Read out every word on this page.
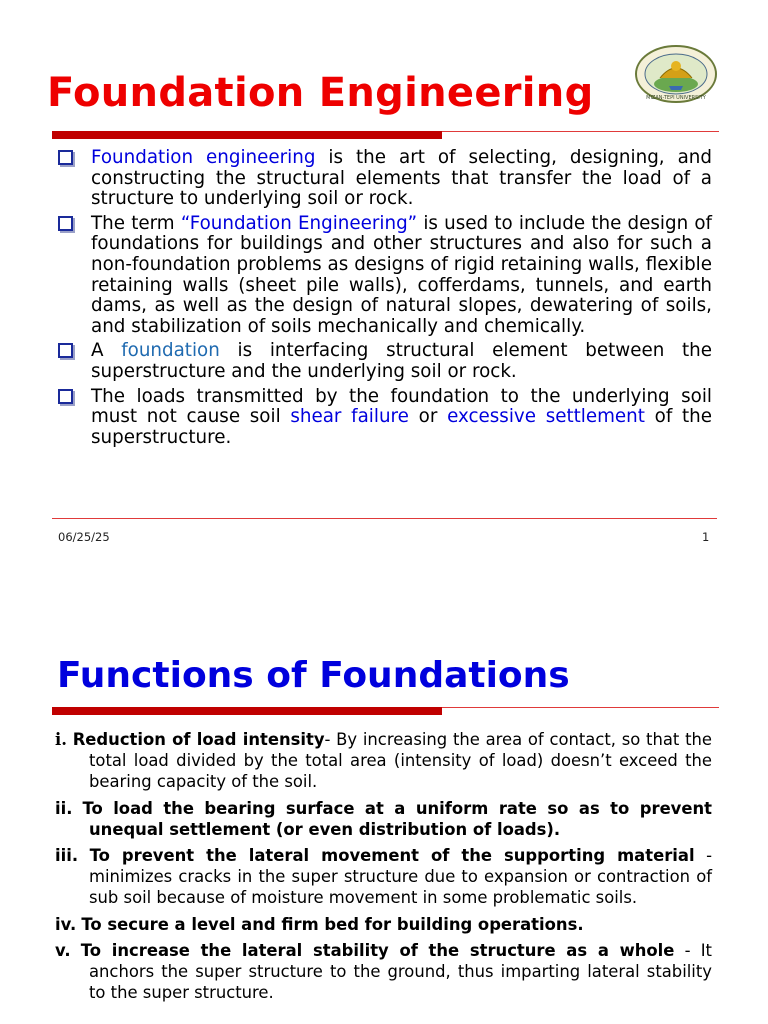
Foundation Engineering	MIZAN-TEPI UNIVERSITY
Foundation engineering is the art of selecting, designing, and constructing the structural elements that transfer the load of a structure to underlying soil or rock.
The term “Foundation Engineering” is used to include the design of foundations for buildings and other structures and also for such a non-foundation problems as designs of rigid retaining walls, flexible retaining walls (sheet pile walls), cofferdams, tunnels, and earth dams, as well as the design of natural slopes, dewatering of soils, and stabilization of soils mechanically and chemically.
A foundation is interfacing structural element between the superstructure and the underlying soil or rock.
The loads transmitted by the foundation to the underlying soil must not cause soil shear failure or excessive settlement of the superstructure.
06/25/25	1
Functions of Foundations
i. Reduction of load intensity- By increasing the area of contact, so that the total load divided by the total area (intensity of load) doesn’t exceed the bearing capacity of the soil.
ii. To load the bearing surface at a uniform rate so as to prevent unequal settlement (or even distribution of loads).
iii. To prevent the lateral movement of the supporting material - minimizes cracks in the super structure due to expansion or contraction of sub soil because of moisture movement in some problematic soils.
iv. To secure a level and firm bed for building operations.
v. To increase the lateral stability of the structure as a whole - It anchors the super structure to the ground, thus imparting lateral stability to the super structure.
